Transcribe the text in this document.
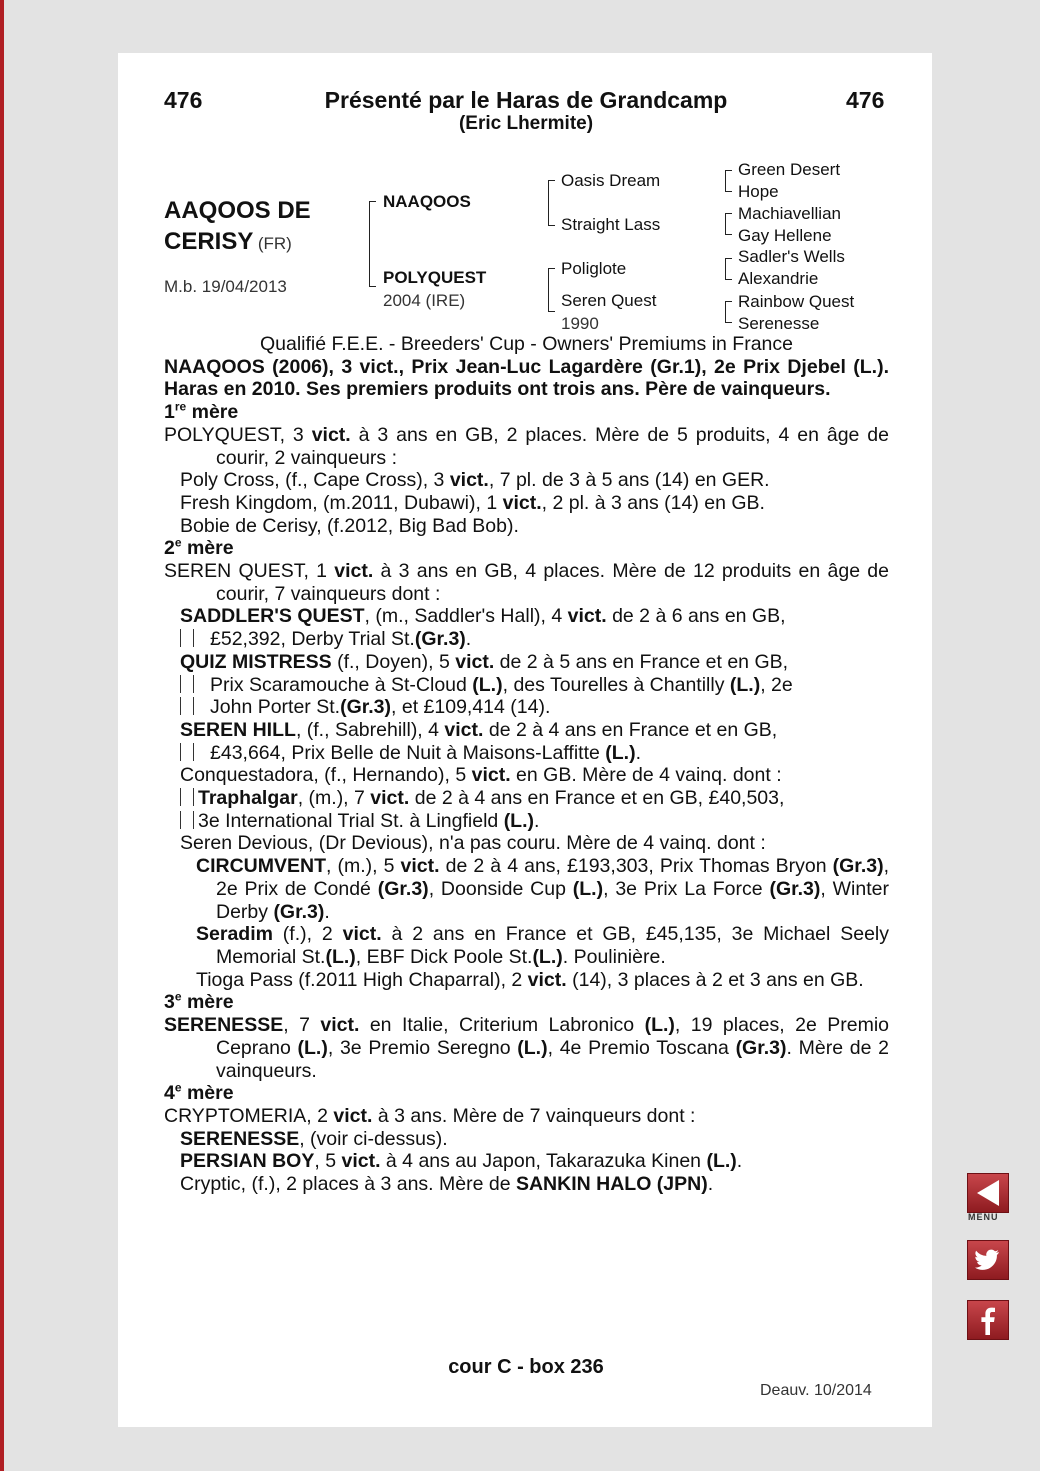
476	476
Présenté par le Haras de Grandcamp
(Eric Lhermite)
AAQOOS DE
CERISY (FR)
M.b. 19/04/2013
NAAQOOS
POLYQUEST
2004 (IRE)
Oasis Dream
Straight Lass
Poliglote
Seren Quest
1990
Green Desert
Hope
Machiavellian
Gay Hellene
Sadler's Wells
Alexandrie
Rainbow Quest
Serenesse

Qualifié F.E.E. - Breeders' Cup - Owners' Premiums in France

NAAQOOS (2006), 3 vict., Prix Jean-Luc Lagardère (Gr.1), 2e Prix Djebel (L.). Haras en 2010. Ses premiers produits ont trois ans. Père de vainqueurs.

1re mère

POLYQUEST, 3 vict. à 3 ans en GB, 2 places. Mère de 5 produits, 4 en âge de courir, 2 vainqueurs :

Poly Cross, (f., Cape Cross), 3 vict., 7 pl. de 3 à 5 ans (14) en GER.

Fresh Kingdom, (m.2011, Dubawi), 1 vict., 2 pl. à 3 ans (14) en GB.

Bobie de Cerisy, (f.2012, Big Bad Bob).

2e mère

SEREN QUEST, 1 vict. à 3 ans en GB, 4 places. Mère de 12 produits en âge de courir, 7 vainqueurs dont :

SADDLER'S QUEST, (m., Saddler's Hall), 4 vict. de 2 à 6 ans en GB,

£52,392, Derby Trial St.(Gr.3).

QUIZ MISTRESS (f., Doyen), 5 vict. de 2 à 5 ans en France et en GB,

Prix Scaramouche à St-Cloud (L.), des Tourelles à Chantilly (L.), 2e

John Porter St.(Gr.3), et £109,414 (14).

SEREN HILL, (f., Sabrehill), 4 vict. de 2 à 4 ans en France et en GB,

£43,664, Prix Belle de Nuit à Maisons-Laffitte (L.).

Conquestadora, (f., Hernando), 5 vict. en GB. Mère de 4 vainq. dont :

Traphalgar, (m.), 7 vict. de 2 à 4 ans en France et en GB, £40,503,

3e International Trial St. à Lingfield (L.).

Seren Devious, (Dr Devious), n'a pas couru. Mère de 4 vainq. dont :

CIRCUMVENT, (m.), 5 vict. de 2 à 4 ans, £193,303, Prix Thomas Bryon (Gr.3), 2e Prix de Condé (Gr.3), Doonside Cup (L.), 3e Prix La Force (Gr.3), Winter Derby (Gr.3).

Seradim (f.), 2 vict. à 2 ans en France et GB, £45,135, 3e Michael Seely Memorial St.(L.), EBF Dick Poole St.(L.). Poulinière.

Tioga Pass (f.2011 High Chaparral), 2 vict. (14), 3 places à 2 et 3 ans en GB.

3e mère

SERENESSE, 7 vict. en Italie, Criterium Labronico (L.), 19 places, 2e Premio Ceprano (L.), 3e Premio Seregno (L.), 4e Premio Toscana (Gr.3). Mère de 2 vainqueurs.

4e mère

CRYPTOMERIA, 2 vict. à 3 ans. Mère de 7 vainqueurs dont :

SERENESSE, (voir ci-dessus).

PERSIAN BOY, 5 vict. à 4 ans au Japon, Takarazuka Kinen (L.).

Cryptic, (f.), 2 places à 3 ans. Mère de SANKIN HALO (JPN).

cour C - box 236
Deauv. 10/2014
MENU
